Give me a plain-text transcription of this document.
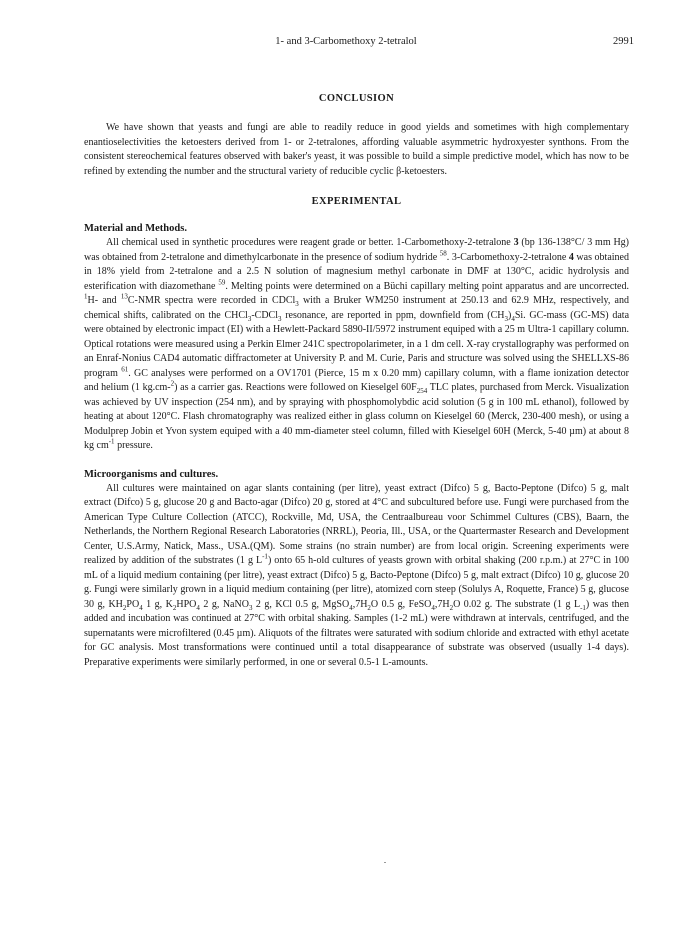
1- and 3-Carbomethoxy 2-tetralol	2991
CONCLUSION

We have shown that yeasts and fungi are able to readily reduce in good yields and sometimes with high complementary enantioselectivities the ketoesters derived from 1- or 2-tetralones, affording valuable asymmetric hydroxyester synthons. From the consistent stereochemical features observed with baker's yeast, it was possible to build a simple predictive model, which has now to be refined by extending the number and the structural variety of reducible cyclic β-ketoesters.

EXPERIMENTAL
Material and Methods.

All chemical used in synthetic procedures were reagent grade or better. 1-Carbomethoxy-2-tetralone 3 (bp 136-138°C/ 3 mm Hg) was obtained from 2-tetralone and dimethylcarbonate in the presence of sodium hydride $^{58}$. 3-Carbomethoxy-2-tetralone 4 was obtained in 18% yield from 2-tetralone and a 2.5 N solution of magnesium methyl carbonate in DMF at 130°C, acidic hydrolysis and esterification with diazomethane $^{59}$. Melting points were determined on a Büchi capillary melting point apparatus and are uncorrected. $^1$H- and $^{13}$C-NMR spectra were recorded in CDCl$_3$ with a Bruker WM250 instrument at 250.13 and 62.9 MHz, respectively, and chemical shifts, calibrated on the CHCl$_3$-CDCl$_3$ resonance, are reported in ppm, downfield from $(CH_3)_4Si$. GC-mass (GC-MS) data were obtained by electronic impact (EI) with a Hewlett-Packard 5890-II/5972 instrument equiped with a 25 m Ultra-1 capillary column. Optical rotations were measured using a Perkin Elmer 241C spectropolarimeter, in a 1 dm cell. X-ray crystallography was performed on an Enraf-Nonius CAD4 automatic diffractometer at University P. and M. Curie, Paris and structure was solved using the SHELLXS-86 program $^{61}$. GC analyses were performed on a OV1701 (Pierce, 15 m x 0.20 mm) capillary column, with a flame ionization detector and helium (1 kg.cm-$^2$) as a carrier gas. Reactions were followed on Kieselgel $60F_{254}$ TLC plates, purchased from Merck. Visualization was achieved by UV inspection (254 nm), and by spraying with phosphomolybdic acid solution (5 g in 100 mL ethanol), followed by heating at about 120°C. Flash chromatography was realized either in glass column on Kieselgel 60 (Merck, 230-400 mesh), or using a Modulprep Jobin et Yvon system equiped with a 40 mm-diameter steel column, filled with Kieselgel 60H (Merck, 5-40 µm) at about 8 kg $cm^{-1}$ pressure.

Microorganisms and cultures.

All cultures were maintained on agar slants containing (per litre), yeast extract (Difco) 5 g, Bacto-Peptone (Difco) 5 g, malt extract (Difco) 5 g, glucose 20 g and Bacto-agar (Difco) 20 g, stored at 4°C and subcultured before use. Fungi were purchased from the American Type Culture Collection (ATCC), Rockville, Md, USA, the Centraalbureau voor Schimmel Cultures (CBS), Baarn, the Netherlands, the Northern Regional Research Laboratories (NRRL), Peoria, Ill., USA, or the Quartermaster Research and Development Center, U.S.Army, Natick, Mass., USA.(QM). Some strains (no strain number) are from local origin. Screening experiments were realized by addition of the substrates (1 g $L^{-1}$) onto 65 h-old cultures of yeasts grown with orbital shaking (200 r.p.m.) at 27°C in 100 mL of a liquid medium containing (per litre), yeast extract (Difco) 5 g, Bacto-Peptone (Difco) 5 g, malt extract (Difco) 10 g, glucose 20 g. Fungi were similarly grown in a liquid medium containing (per litre), atomized corn steep (Solulys A, Roquette, France) 5 g, glucose 30 g, $KH_2PO_4$ 1 g, $K_2HPO_4$ 2 g, NaNO$_3$ 2 g, KCl 0.5 g, $MgSO_4,7H_2O$ 0.5 g, $FeSO_4,7H_2O$ 0.02 g. The substrate (1 g $L_{-1}$) was then added and incubation was continued at 27°C with orbital shaking. Samples (1-2 mL) were withdrawn at intervals, centrifuged, and the supernatants were microfiltered (0.45 µm). Aliquots of the filtrates were saturated with sodium chloride and extracted with ethyl acetate for GC analysis. Most transformations were continued until a total disappearance of substrate was observed (usually 1-4 days). Preparative experiments were similarly performed, in one or several 0.5-1 L-amounts.
